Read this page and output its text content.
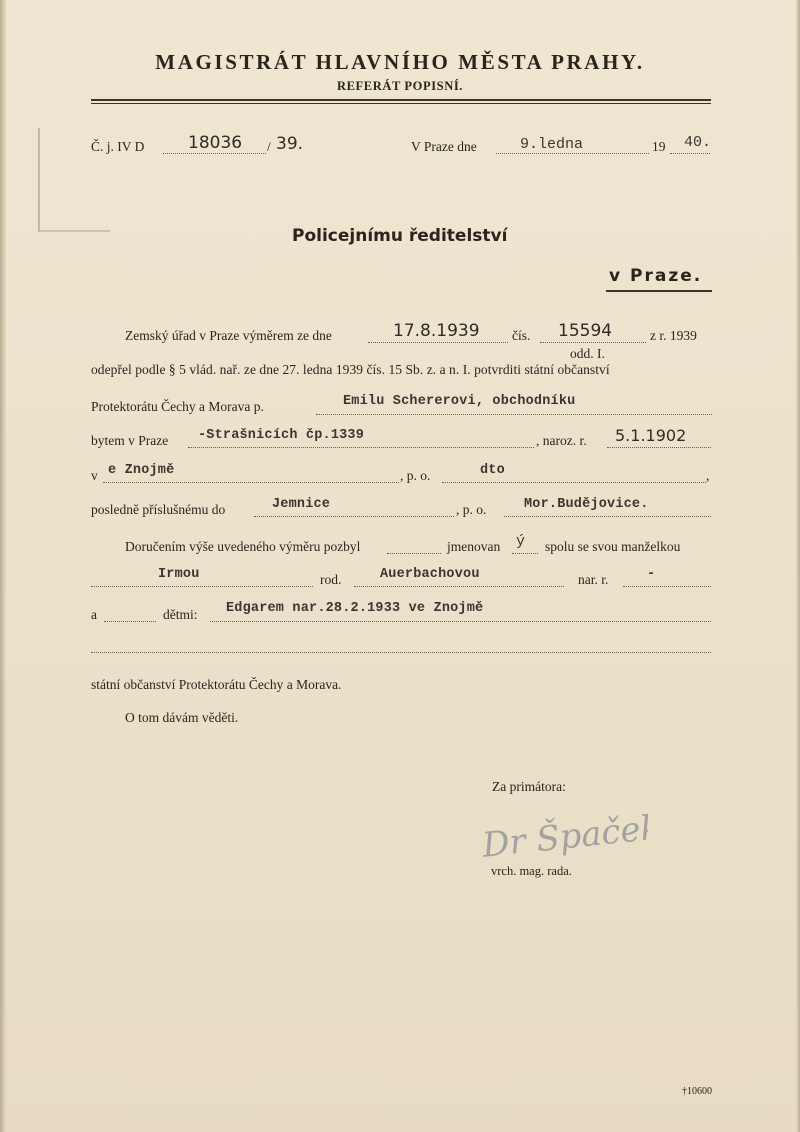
MAGISTRÁT HLAVNÍHO MĚSTA PRAHY.
REFERÁT POPISNÍ.
Č. j. IV D	18036 / 39.	V Praze dne	9.ledna	19 40.
Policejnímu ředitelství
v Praze.
Zemský úřad v Praze výměrem ze dne	17.8.1939 čís. 15594	z r. 1939
odd. I.
odepřel podle § 5 vlád. nař. ze dne 27. ledna 1939 čís. 15 Sb. z. a n. I. potvrditi státní občanství
Protektorátu Čechy a Morava p.	Emilu Schererovi, obchodníku
bytem v Praze -Strašnicích čp.1339	, naroz. r. 5.1.1902
v e Znojmě	, p. o.	dto	,
posledně příslušnému do	Jemnice	, p. o.	Mor.Budějovice.
Doručením výše uvedeného výměru pozbyl	jmenovan ý spolu se svou manželkou
Irmou	rod.	Auerbachovou	nar. r.	-
a	dětmi: Edgarem nar.28.2.1933 ve Znojmě
státní občanství Protektorátu Čechy a Morava.
O tom dávám věděti.
Za primátora:
Dr Špaček
vrch. mag. rada.
†10600
